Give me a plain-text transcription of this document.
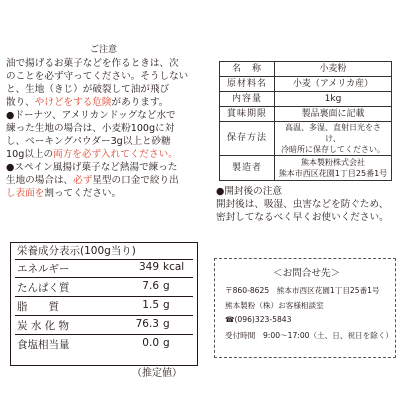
ご注意
油で揚げるお菓子などを作るときは、次
のことを必ず守ってください。そうしない
と、生地（きじ）が破裂して油が飛び
散り、やけどをする危険があります。
●ドーナツ、アメリカンドッグなど水で
練った生地の場合は、小麦粉100gに対
し、ベーキングパウダー3g以上と砂糖
10g以上の両方を必ず入れてください。
●スペイン風揚げ菓子など熱湯で練った
生地の場合は、必ず星型の口金で絞り出
し表面を割ってください。
名　称	小麦粉
原材料名	小麦（アメリカ産）
内容量	1kg
賞味期限	製品裏面に記載
保存方法	高温、多湿、直射日光をさけ、
冷暗所に保存してください。

製造者	熊本製粉株式会社
熊本市西区花園1丁目25番1号
●開封後の注意
開封後は、吸湿、虫害などを防ぐため、
密封してなるべく早くお使いください。
栄養成分表示(100g当り)
エネルギー	349 kcal
たんぱく質	7.6 g
脂　　質	1.5 g
炭 水 化 物	76.3 g
食塩相当量	0.0 g
（推定値）
＜お問合せ先＞
〒860-8625　熊本市西区花園1丁目25番1号
熊本製粉（株）お客様相談室
☎(096)323-5843
受付時間　9:00～17:00（土、日、祝日を除く）
